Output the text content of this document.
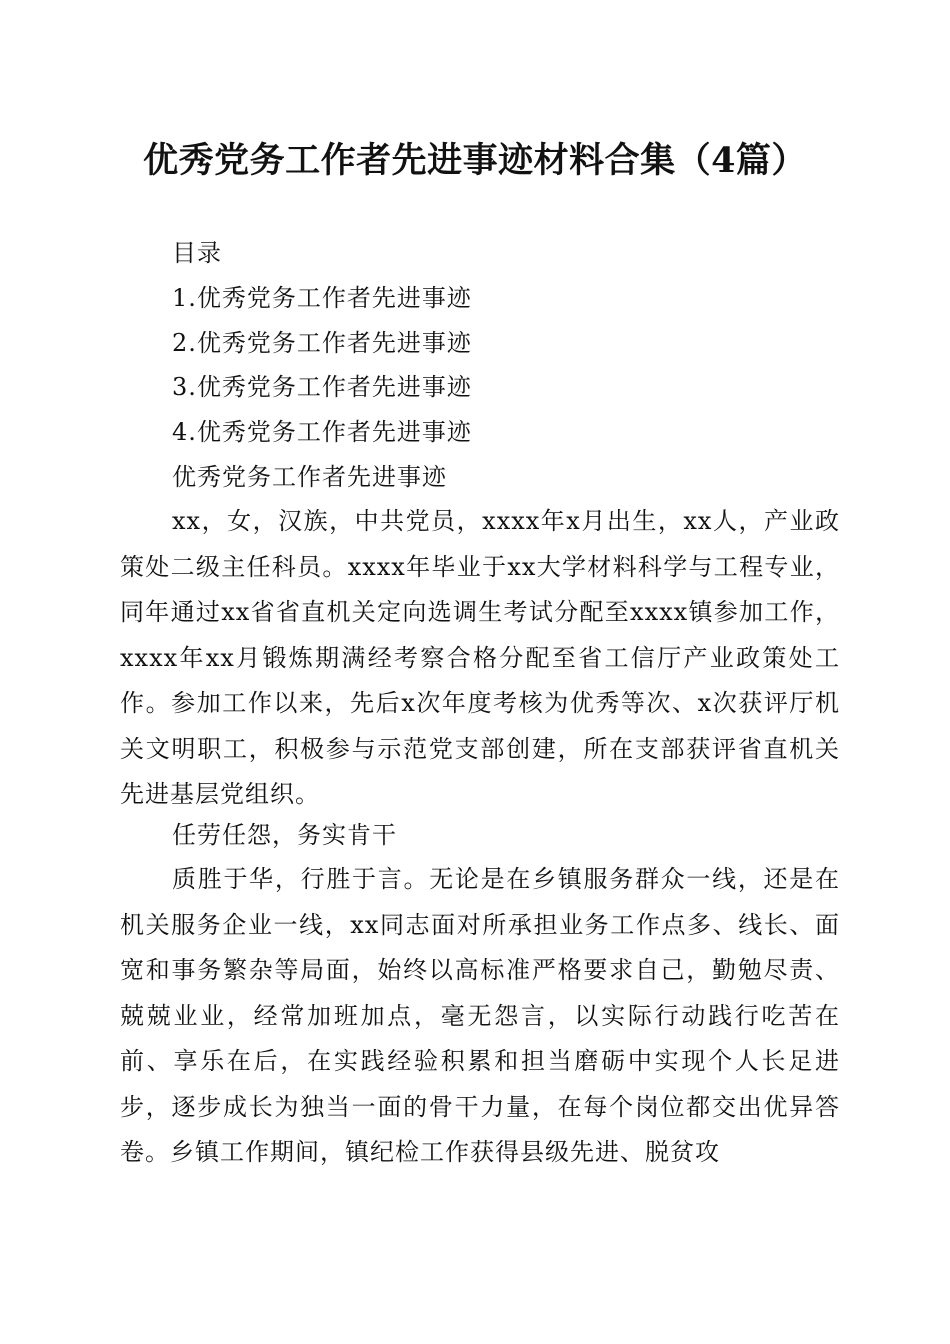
优秀党务工作者先进事迹材料合集（4篇）
目录
1.优秀党务工作者先进事迹
2.优秀党务工作者先进事迹
3.优秀党务工作者先进事迹
4.优秀党务工作者先进事迹
优秀党务工作者先进事迹
xx，女，汉族，中共党员，xxxx年x月出生，xx人，产业政策处二级主任科员。xxxx年毕业于xx大学材料科学与工程专业，同年通过xx省省直机关定向选调生考试分配至xxxx镇参加工作，xxxx年xx月锻炼期满经考察合格分配至省工信厅产业政策处工作。参加工作以来，先后x次年度考核为优秀等次、x次获评厅机关文明职工，积极参与示范党支部创建，所在支部获评省直机关先进基层党组织。
任劳任怨，务实肯干
质胜于华，行胜于言。无论是在乡镇服务群众一线，还是在机关服务企业一线，xx同志面对所承担业务工作点多、线长、面宽和事务繁杂等局面，始终以高标准严格要求自己，勤勉尽责、兢兢业业，经常加班加点，毫无怨言，以实际行动践行吃苦在前、享乐在后，在实践经验积累和担当磨砺中实现个人长足进步，逐步成长为独当一面的骨干力量，在每个岗位都交出优异答卷。乡镇工作期间，镇纪检工作获得县级先进、脱贫攻
